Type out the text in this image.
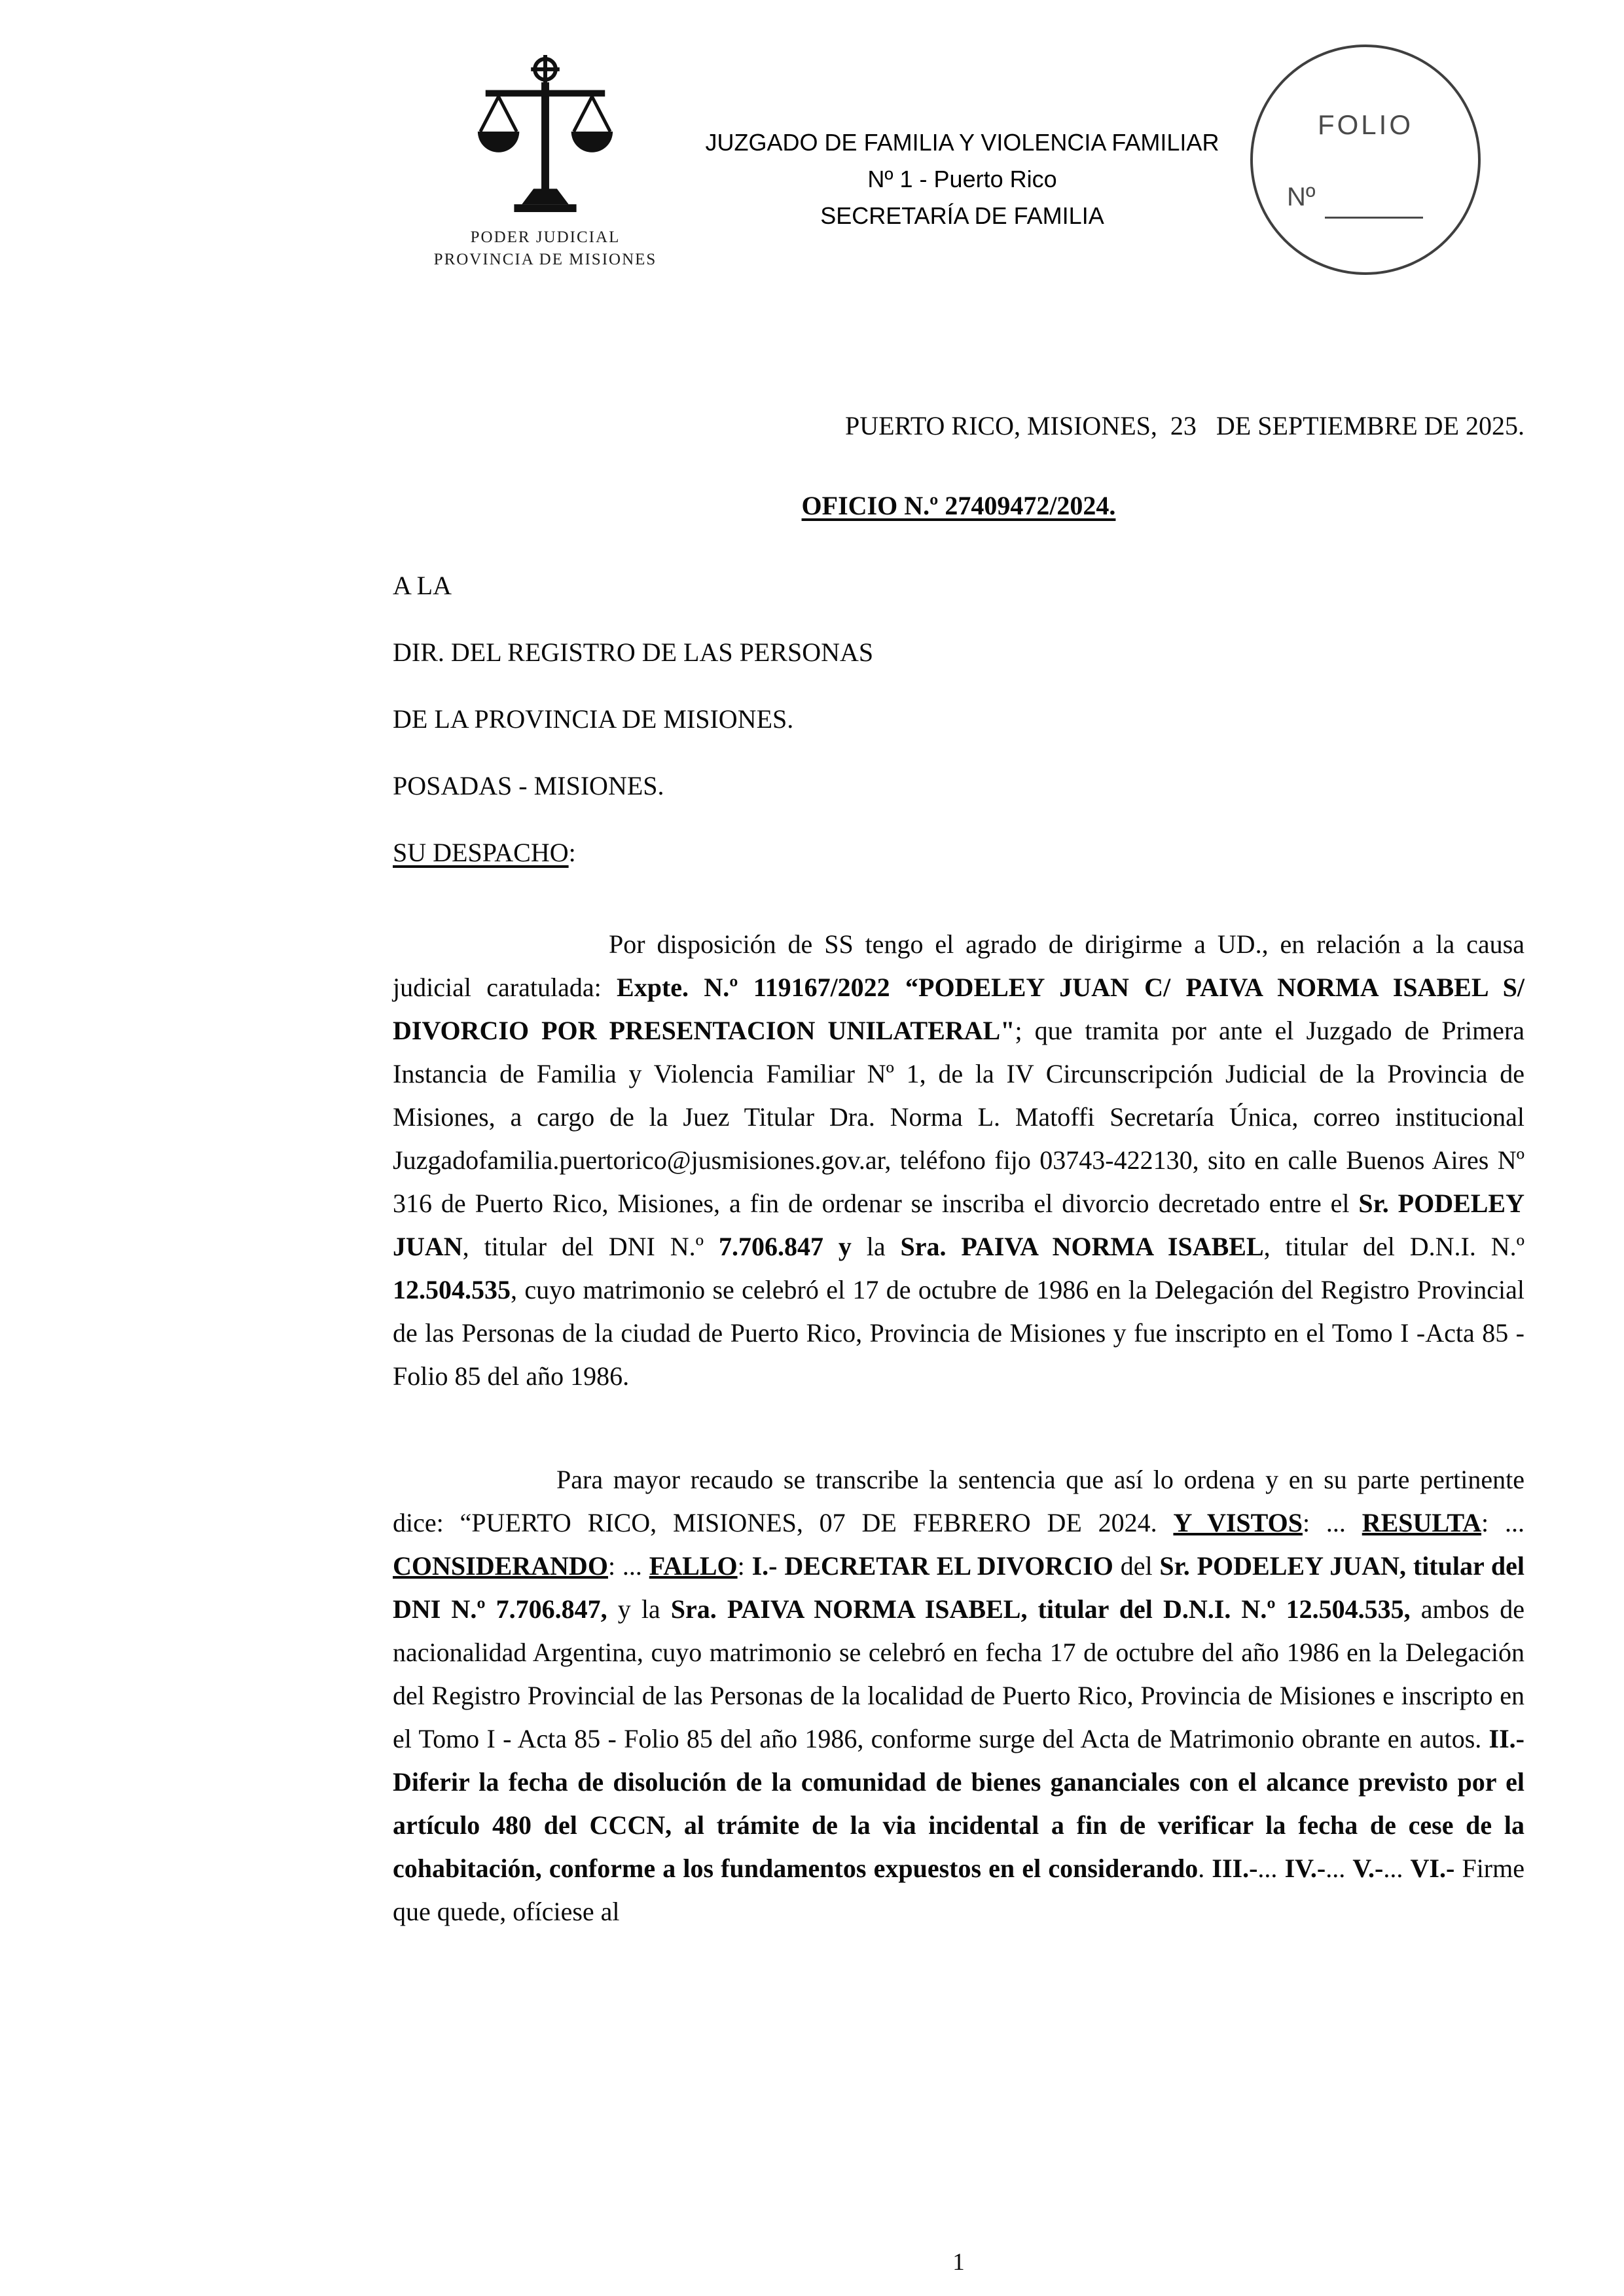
PODER JUDICIAL
PROVINCIA DE MISIONES
JUZGADO DE FAMILIA Y VIOLENCIA FAMILIAR
Nº 1 - Puerto Rico
SECRETARÍA DE FAMILIA
FOLIO
Nº

PUERTO RICO, MISIONES,  23   DE SEPTIEMBRE DE 2025.

OFICIO N.º 27409472/2024.

A LA

DIR. DEL REGISTRO DE LAS PERSONAS

DE LA PROVINCIA DE MISIONES.

POSADAS - MISIONES.

SU DESPACHO:

Por disposición de SS tengo el agrado de dirigirme a UD., en relación a la causa judicial caratulada: Expte. N.º 119167/2022 “PODELEY JUAN C/ PAIVA NORMA ISABEL S/ DIVORCIO POR PRESENTACION UNILATERAL"; que tramita por ante el Juzgado de Primera Instancia de Familia y Violencia Familiar Nº 1, de la IV Circunscripción Judicial de la Provincia de Misiones, a cargo de la Juez Titular Dra. Norma L. Matoffi Secretaría Única, correo institucional Juzgadofamilia.puertorico@jusmisiones.gov.ar, teléfono fijo 03743-422130, sito en calle Buenos Aires Nº 316 de Puerto Rico, Misiones, a fin de ordenar se inscriba el divorcio decretado entre el Sr. PODELEY JUAN, titular del DNI N.º 7.706.847 y la Sra. PAIVA NORMA ISABEL, titular del D.N.I. N.º 12.504.535, cuyo matrimonio se celebró el 17 de octubre de 1986 en la Delegación del Registro Provincial de las Personas de la ciudad de Puerto Rico, Provincia de Misiones y fue inscripto en el Tomo I -Acta 85 - Folio 85 del año 1986.

Para mayor recaudo se transcribe la sentencia que así lo ordena y en su parte pertinente dice: “PUERTO RICO, MISIONES, 07 DE FEBRERO DE 2024. Y VISTOS: ... RESULTA: ... CONSIDERANDO: ... FALLO: I.- DECRETAR EL DIVORCIO del Sr. PODELEY JUAN, titular del DNI N.º 7.706.847, y la Sra. PAIVA NORMA ISABEL, titular del D.N.I. N.º 12.504.535, ambos de nacionalidad Argentina, cuyo matrimonio se celebró en fecha 17 de octubre del año 1986 en la Delegación del Registro Provincial de las Personas de la localidad de Puerto Rico, Provincia de Misiones e inscripto en el Tomo I - Acta 85 - Folio 85 del año 1986, conforme surge del Acta de Matrimonio obrante en autos. II.- Diferir la fecha de disolución de la comunidad de bienes gananciales con el alcance previsto por el artículo 480 del CCCN, al trámite de la via incidental a fin de verificar la fecha de cese de la cohabitación, conforme a los fundamentos expuestos en el considerando. III.-... IV.-... V.-... VI.- Firme que quede, ofíciese al

1
